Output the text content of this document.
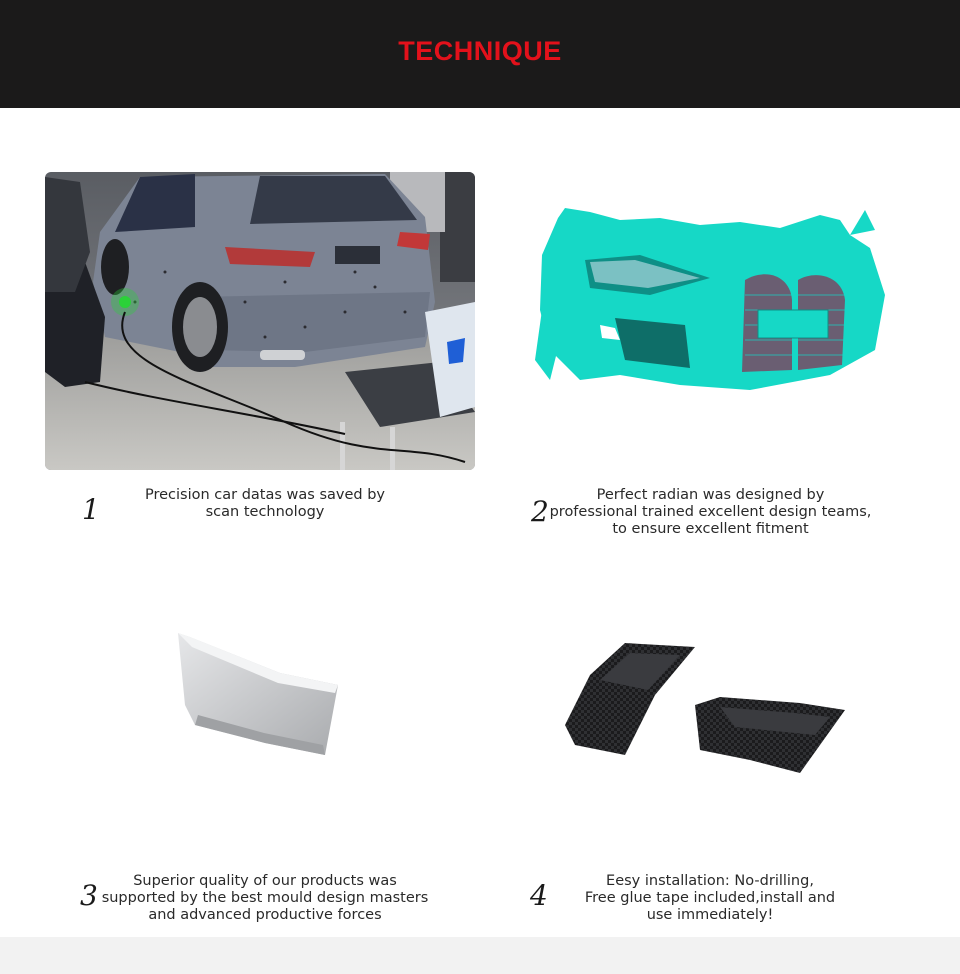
TECHNIQUE
1	Precision car datas was saved by
scan technology	2	Perfect radian was designed by
professional trained excellent design teams,
to ensure excellent fitment
3	Superior quality of our products was
supported by the best mould design masters
and advanced productive forces
4	Eesy installation: No-drilling,
Free glue tape included,install and
use immediately!
